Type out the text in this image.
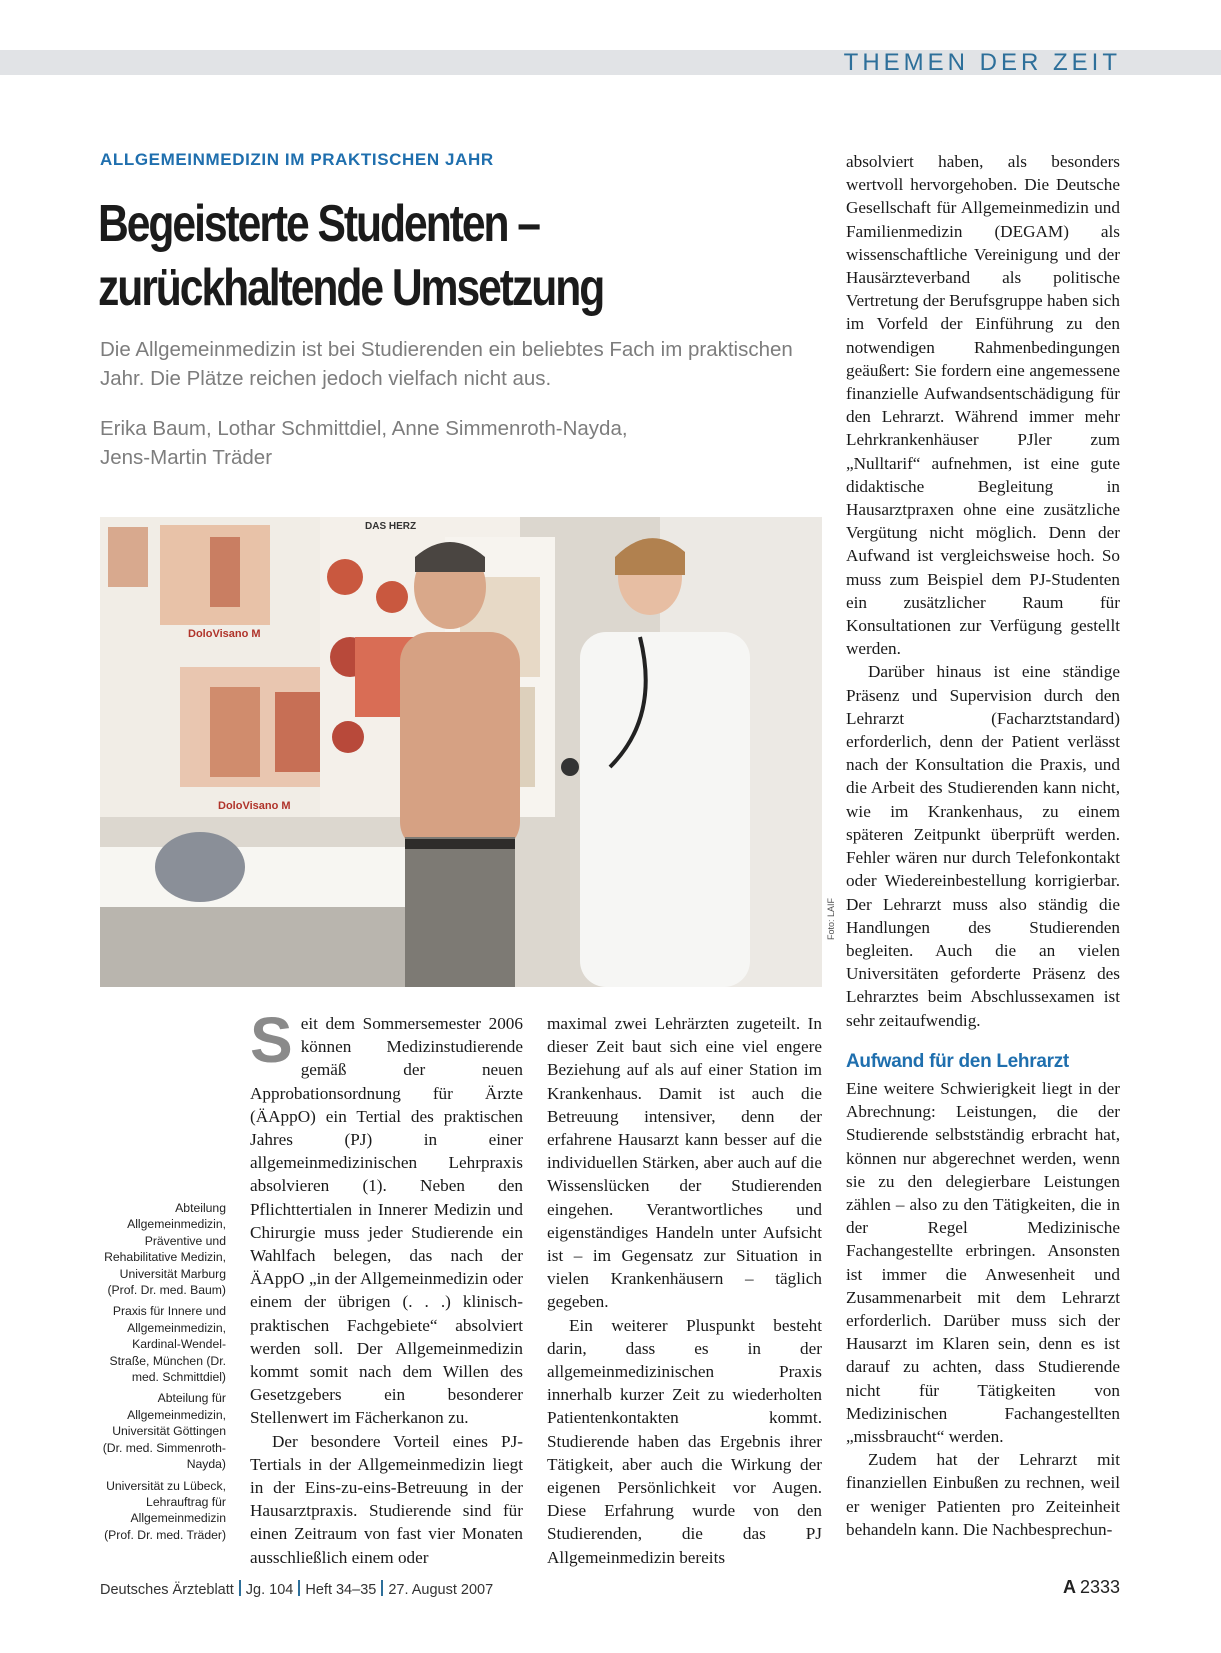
THEMEN DER ZEIT
ALLGEMEINMEDIZIN IM PRAKTISCHEN JAHR
Begeisterte Studenten –
zurückhaltende Umsetzung
Die Allgemeinmedizin ist bei Studierenden ein beliebtes Fach im praktischen Jahr. Die Plätze reichen jedoch vielfach nicht aus.
Erika Baum, Lothar Schmittdiel, Anne Simmenroth-Nayda,
Jens-Martin Träder
DoloVisano M
DoloVisano M
DAS HERZ
Foto: LAIF

Abteilung Allgemeinmedizin, Präventive und Rehabilitative Medizin, Universität Marburg (Prof. Dr. med. Baum)

Praxis für Innere und Allgemeinmedizin, Kardinal-Wendel-Straße, München (Dr. med. Schmittdiel)

Abteilung für Allgemeinmedizin, Universität Göttingen (Dr. med. Simmenroth-Nayda)

Universität zu Lübeck, Lehrauftrag für Allgemeinmedizin (Prof. Dr. med. Träder)

S eit dem Sommersemester 2006 können Medizinstudierende gemäß der neuen Approbationsordnung für Ärzte (ÄAppO) ein Tertial des praktischen Jahres (PJ) in einer allgemeinmedizinischen Lehrpraxis absolvieren (1). Neben den Pflichttertialen in Innerer Medizin und Chirurgie muss jeder Studierende ein Wahlfach belegen, das nach der ÄAppO „in der Allgemeinmedizin oder einem der übrigen (. . .) klinisch-praktischen Fachgebiete“ absolviert werden soll. Der Allgemeinmedizin kommt somit nach dem Willen des Gesetzgebers ein besonderer Stellenwert im Fächerkanon zu.

Der besondere Vorteil eines PJ-Tertials in der Allgemeinmedizin liegt in der Eins-zu-eins-Betreuung in der Hausarztpraxis. Studierende sind für einen Zeitraum von fast vier Monaten ausschließlich einem oder

maximal zwei Lehrärzten zugeteilt. In dieser Zeit baut sich eine viel engere Beziehung auf als auf einer Station im Krankenhaus. Damit ist auch die Betreuung intensiver, denn der erfahrene Hausarzt kann besser auf die individuellen Stärken, aber auch auf die Wissenslücken der Studierenden eingehen. Verantwortliches und eigenständiges Handeln unter Aufsicht ist – im Gegensatz zur Situation in vielen Krankenhäusern – täglich gegeben.

Ein weiterer Pluspunkt besteht darin, dass es in der allgemeinmedizinischen Praxis innerhalb kurzer Zeit zu wiederholten Patientenkontakten kommt. Studierende haben das Ergebnis ihrer Tätigkeit, aber auch die Wirkung der eigenen Persönlichkeit vor Augen. Diese Erfahrung wurde von den Studierenden, die das PJ Allgemeinmedizin bereits

absolviert haben, als besonders wertvoll hervorgehoben. Die Deutsche Gesellschaft für Allgemeinmedizin und Familienmedizin (DEGAM) als wissenschaftliche Vereinigung und der Hausärzteverband als politische Vertretung der Berufsgruppe haben sich im Vorfeld der Einführung zu den notwendigen Rahmenbedingungen geäußert: Sie fordern eine angemessene finanzielle Aufwandsentschädigung für den Lehrarzt. Während immer mehr Lehrkrankenhäuser PJler zum „Nulltarif“ aufnehmen, ist eine gute didaktische Begleitung in Hausarztpraxen ohne eine zusätzliche Vergütung nicht möglich. Denn der Aufwand ist vergleichsweise hoch. So muss zum Beispiel dem PJ-Studenten ein zusätzlicher Raum für Konsultationen zur Verfügung gestellt werden.

Darüber hinaus ist eine ständige Präsenz und Supervision durch den Lehrarzt (Facharztstandard) erforderlich, denn der Patient verlässt nach der Konsultation die Praxis, und die Arbeit des Studierenden kann nicht, wie im Krankenhaus, zu einem späteren Zeitpunkt überprüft werden. Fehler wären nur durch Telefonkontakt oder Wiedereinbestellung korrigierbar. Der Lehrarzt muss also ständig die Handlungen des Studierenden begleiten. Auch die an vielen Universitäten geforderte Präsenz des Lehrarztes beim Abschlussexamen ist sehr zeitaufwendig.

Aufwand für den Lehrarzt

Eine weitere Schwierigkeit liegt in der Abrechnung: Leistungen, die der Studierende selbstständig erbracht hat, können nur abgerechnet werden, wenn sie zu den delegierbare Leistungen zählen – also zu den Tätigkeiten, die in der Regel Medizinische Fachangestellte erbringen. Ansonsten ist immer die Anwesenheit und Zusammenarbeit mit dem Lehrarzt erforderlich. Darüber muss sich der Hausarzt im Klaren sein, denn es ist darauf zu achten, dass Studierende nicht für Tätigkeiten von Medizinischen Fachangestellten „missbraucht“ werden.

Zudem hat der Lehrarzt mit finanziellen Einbußen zu rechnen, weil er weniger Patienten pro Zeiteinheit behandeln kann. Die Nachbesprechun-

Deutsches Ärzteblatt Jg. 104 Heft 34–35 27. August 2007	A 2333
